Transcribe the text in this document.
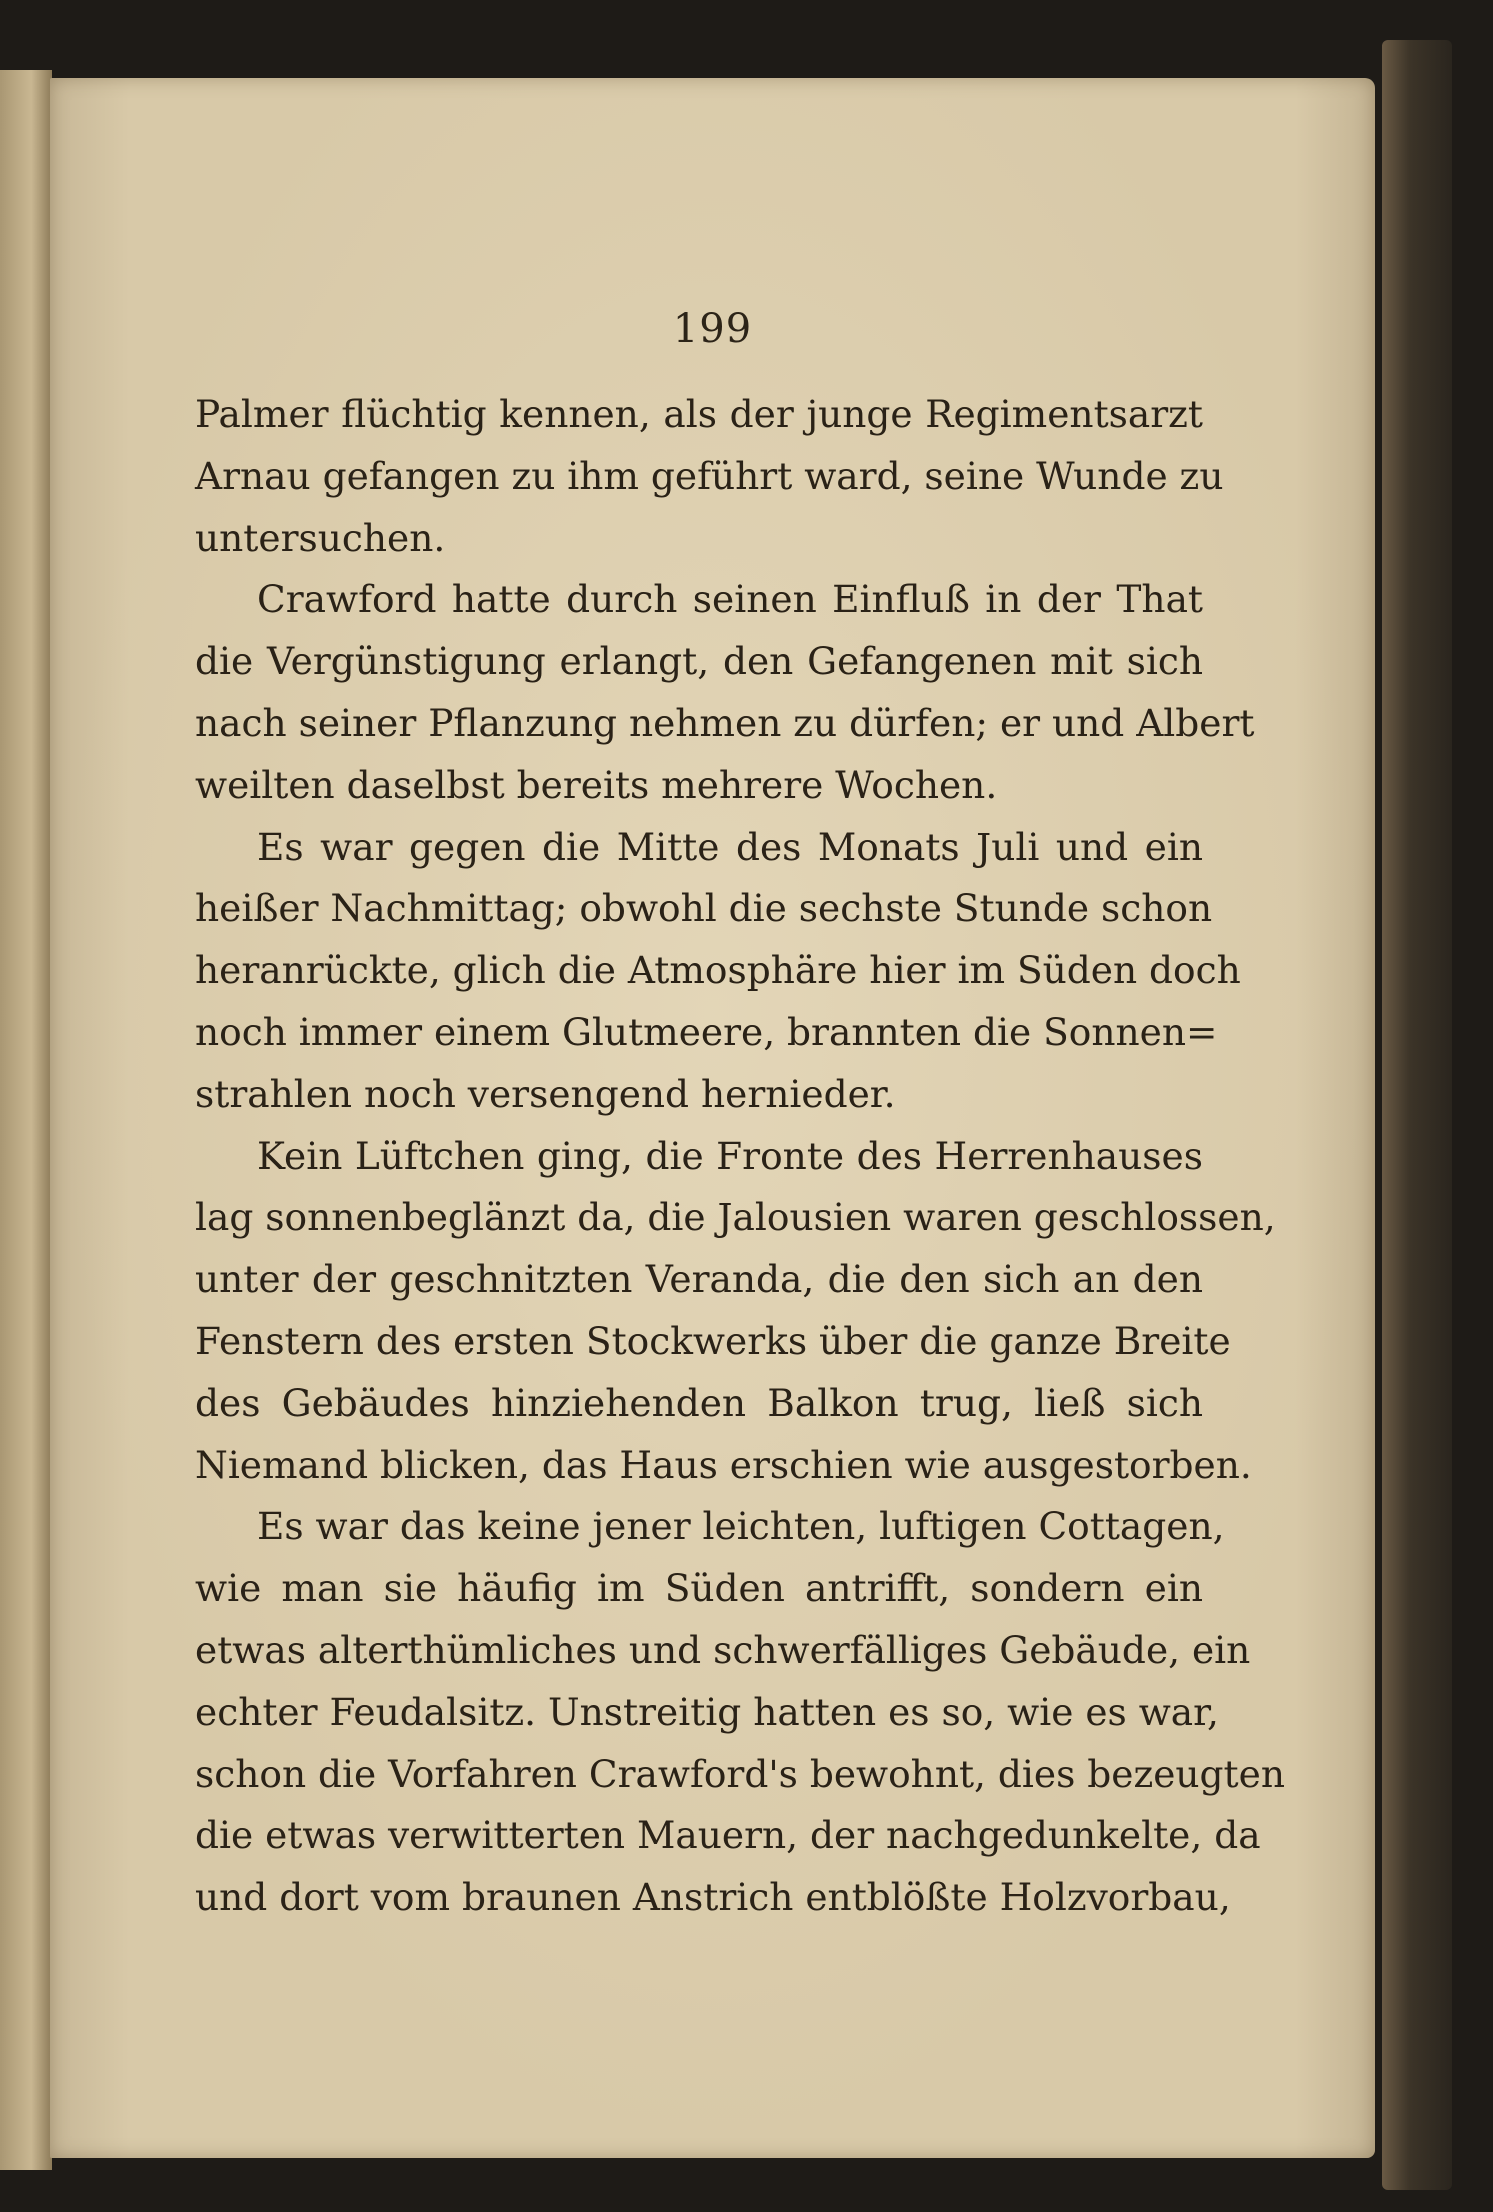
199
Palmer flüchtig kennen, als der junge Regimentsarzt
Arnau gefangen zu ihm geführt ward, seine Wunde zu
untersuchen.
Crawford hatte durch seinen Einfluß in der That
die Vergünstigung erlangt, den Gefangenen mit sich
nach seiner Pflanzung nehmen zu dürfen; er und Albert
weilten daselbst bereits mehrere Wochen.
Es war gegen die Mitte des Monats Juli und ein
heißer Nachmittag; obwohl die sechste Stunde schon
heranrückte, glich die Atmosphäre hier im Süden doch
noch immer einem Glutmeere, brannten die Sonnen=
strahlen noch versengend hernieder.
Kein Lüftchen ging, die Fronte des Herrenhauses
lag sonnenbeglänzt da, die Jalousien waren geschlossen,
unter der geschnitzten Veranda, die den sich an den
Fenstern des ersten Stockwerks über die ganze Breite
des Gebäudes hinziehenden Balkon trug, ließ sich
Niemand blicken, das Haus erschien wie ausgestorben.
Es war das keine jener leichten, luftigen Cottagen,
wie man sie häufig im Süden antrifft, sondern ein
etwas alterthümliches und schwerfälliges Gebäude, ein
echter Feudalsitz. Unstreitig hatten es so, wie es war,
schon die Vorfahren Crawford's bewohnt, dies bezeugten
die etwas verwitterten Mauern, der nachgedunkelte, da
und dort vom braunen Anstrich entblößte Holzvorbau,
